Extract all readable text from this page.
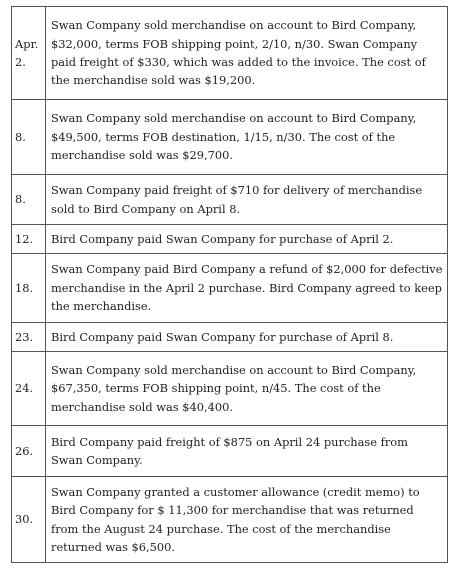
Apr. 2.	Swan Company sold merchandise on account to Bird Company, $32,000, terms FOB shipping point, 2/10, n/30. Swan Company paid freight of $330, which was added to the invoice. The cost of the merchandise sold was $19,200.
8.	Swan Company sold merchandise on account to Bird Company, $49,500, terms FOB destination, 1/15, n/30. The cost of the merchandise sold was $29,700.
8.	Swan Company paid freight of $710 for delivery of merchandise sold to Bird Company on April 8.
12.	Bird Company paid Swan Company for purchase of April 2.
18.	Swan Company paid Bird Company a refund of $2,000 for defective merchandise in the April 2 purchase. Bird Company agreed to keep the merchandise.
23.	Bird Company paid Swan Company for purchase of April 8.
24.	Swan Company sold merchandise on account to Bird Company, $67,350, terms FOB shipping point, n/45. The cost of the merchandise sold was $40,400.
26.	Bird Company paid freight of $875 on April 24 purchase from Swan Company.
30.	Swan Company granted a customer allowance (credit memo) to Bird Company for $ 11,300 for merchandise that was returned from the August 24 purchase. The cost of the merchandise returned was $6,500.
